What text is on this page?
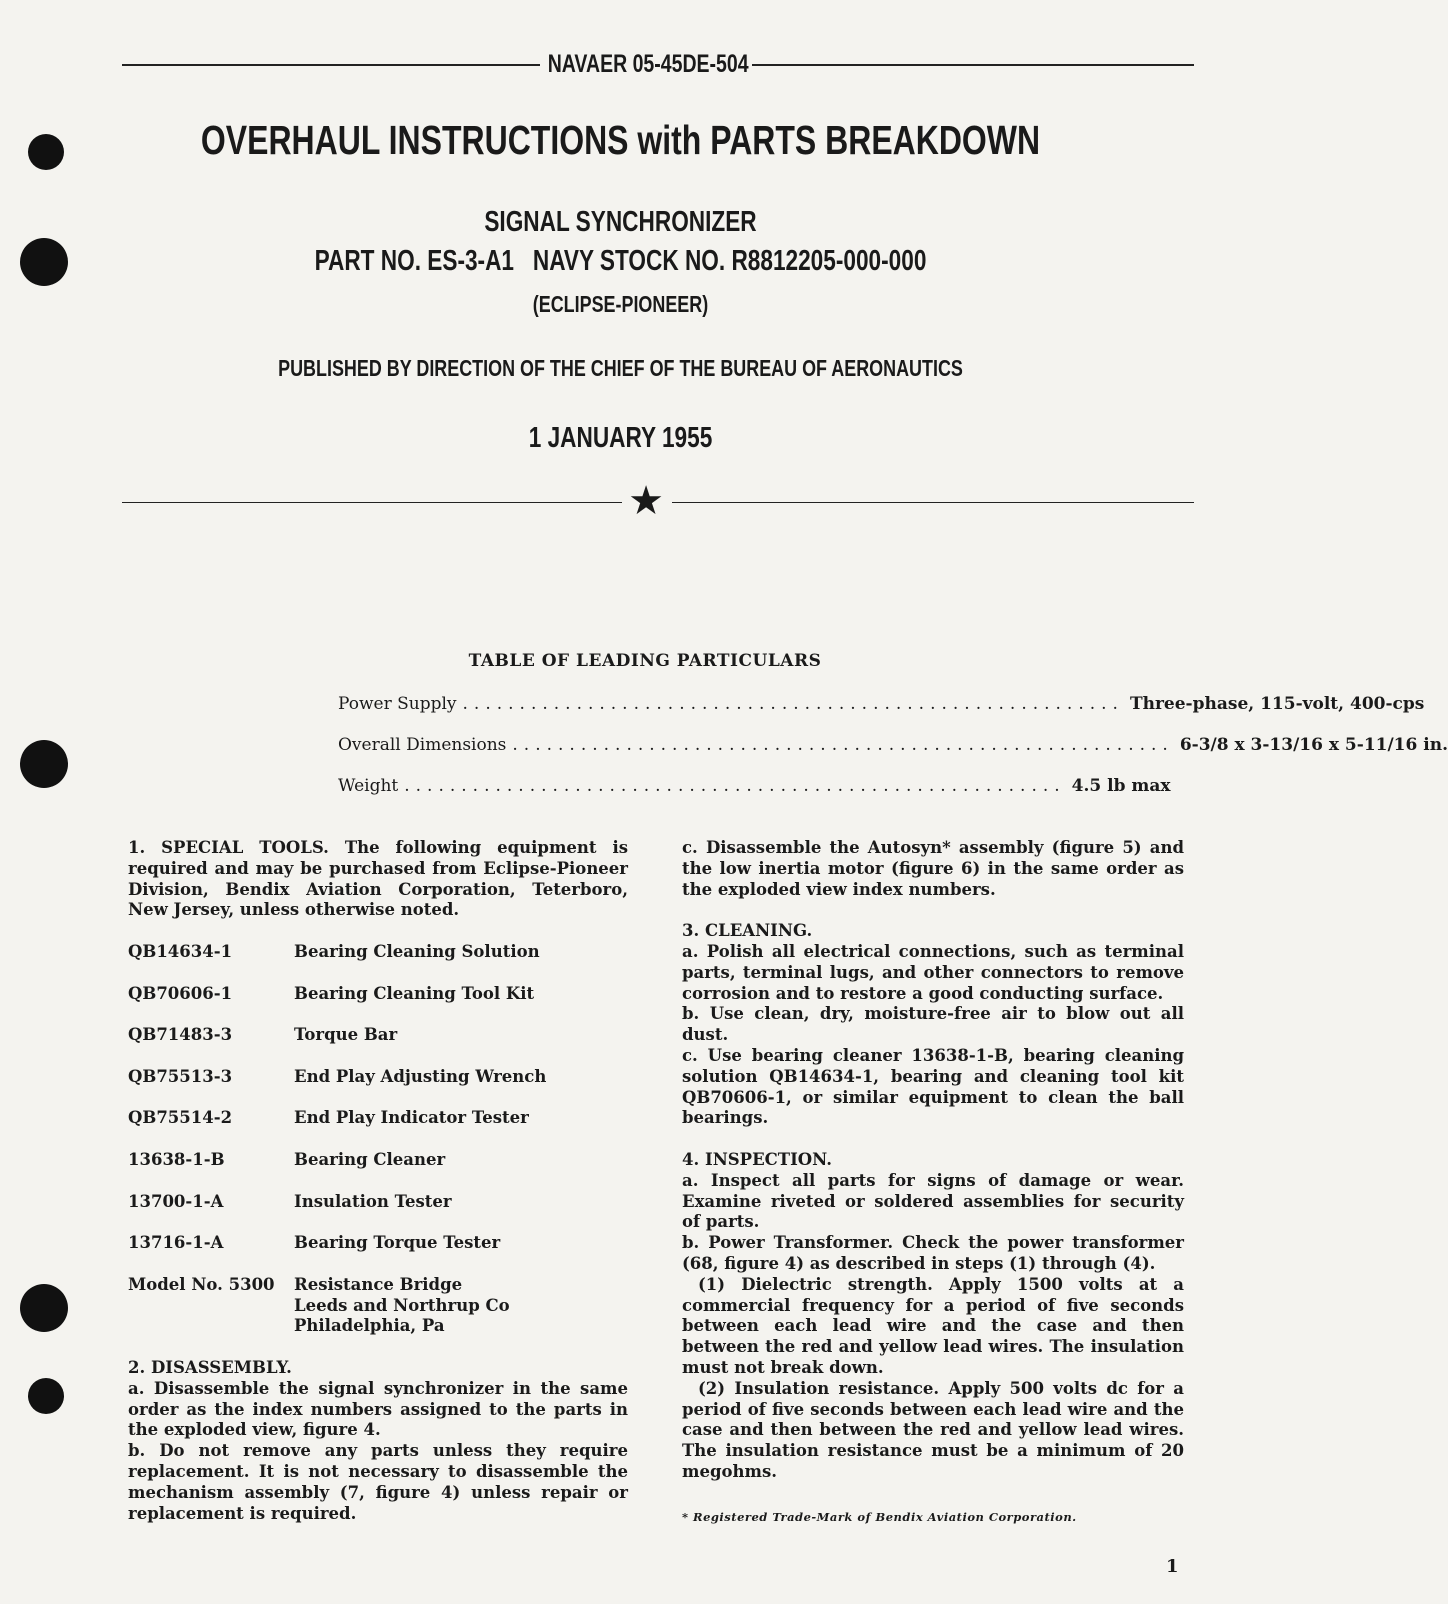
NAVAER 05-45DE-504
OVERHAUL INSTRUCTIONS with PARTS BREAKDOWN
SIGNAL SYNCHRONIZER
PART NO. ES-3-A1   NAVY STOCK NO. R8812205-000-000
(ECLIPSE-PIONEER)
PUBLISHED BY DIRECTION OF THE CHIEF OF THE BUREAU OF AERONAUTICS
1 JANUARY 1955
★
TABLE OF LEADING PARTICULARS
Power Supply .......................................................... Three-phase, 115-volt, 400-cps
Overall Dimensions .......................................................... 6-3/8 x 3-13/16 x 5-11/16 in.
Weight .......................................................... 4.5 lb max

1. SPECIAL TOOLS. The following equipment is required and may be purchased from Eclipse-Pioneer Division, Bendix Aviation Corporation, Teterboro, New Jersey, unless otherwise noted.

QB14634-1	Bearing Cleaning Solution
QB70606-1	Bearing Cleaning Tool Kit
QB71483-3	Torque Bar
QB75513-3	End Play Adjusting Wrench
QB75514-2	End Play Indicator Tester
13638-1-B	Bearing Cleaner
13700-1-A	Insulation Tester
13716-1-A	Bearing Torque Tester
Model No. 5300	Resistance Bridge
Leeds and Northrup Co
Philadelphia, Pa

2. DISASSEMBLY.

a. Disassemble the signal synchronizer in the same order as the index numbers assigned to the parts in the exploded view, figure 4.

b. Do not remove any parts unless they require replacement. It is not necessary to disassemble the mechanism assembly (7, figure 4) unless repair or replacement is required.

c. Disassemble the Autosyn* assembly (figure 5) and the low inertia motor (figure 6) in the same order as the exploded view index numbers.

3. CLEANING.

a. Polish all electrical connections, such as terminal parts, terminal lugs, and other connectors to remove corrosion and to restore a good conducting surface.

b. Use clean, dry, moisture-free air to blow out all dust.

c. Use bearing cleaner 13638-1-B, bearing cleaning solution QB14634-1, bearing and cleaning tool kit QB70606-1, or similar equipment to clean the ball bearings.

4. INSPECTION.

a. Inspect all parts for signs of damage or wear. Examine riveted or soldered assemblies for security of parts.

b. Power Transformer. Check the power transformer (68, figure 4) as described in steps (1) through (4).

(1) Dielectric strength. Apply 1500 volts at a commercial frequency for a period of five seconds between each lead wire and the case and then between the red and yellow lead wires. The insulation must not break down.

(2) Insulation resistance. Apply 500 volts dc for a period of five seconds between each lead wire and the case and then between the red and yellow lead wires. The insulation resistance must be a minimum of 20 megohms.

* Registered Trade-Mark of Bendix Aviation Corporation.
1
